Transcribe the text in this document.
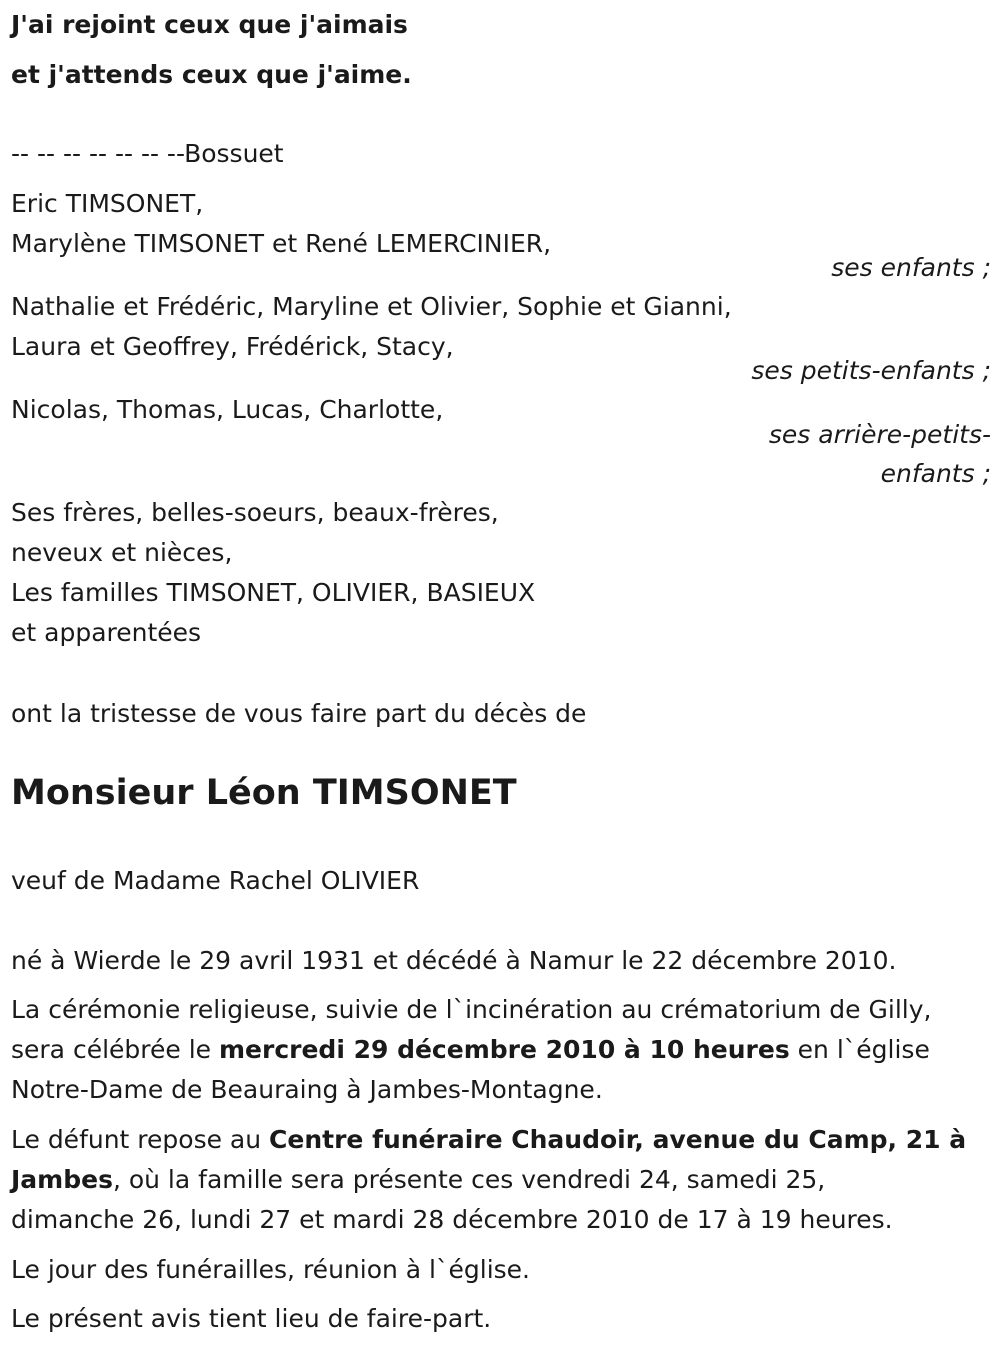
J'ai rejoint ceux que j'aimais

et j'attends ceux que j'aime.

-- -- -- -- -- -- --Bossuet

Eric TIMSONET,

Marylène TIMSONET et René LEMERCINIER,

ses enfants ;

Nathalie et Frédéric, Maryline et Olivier, Sophie et Gianni,

Laura et Geoffrey, Frédérick, Stacy,

ses petits-enfants ;

Nicolas, Thomas, Lucas, Charlotte,

ses arrière-petits-
enfants ;

Ses frères, belles-soeurs, beaux-frères,

neveux et nièces,

Les familles TIMSONET, OLIVIER, BASIEUX

et apparentées

ont la tristesse de vous faire part du décès de

Monsieur Léon TIMSONET

veuf de Madame Rachel OLIVIER

né à Wierde le 29 avril 1931 et décédé à Namur le 22 décembre 2010.

La cérémonie religieuse, suivie de l`incinération au crématorium de Gilly,

sera célébrée le mercredi 29 décembre 2010 à 10 heures en l`église

Notre-Dame de Beauraing à Jambes-Montagne.

Le défunt repose au Centre funéraire Chaudoir, avenue du Camp, 21 à

Jambes, où la famille sera présente ces vendredi 24, samedi 25,

dimanche 26, lundi 27 et mardi 28 décembre 2010 de 17 à 19 heures.

Le jour des funérailles, réunion à l`église.

Le présent avis tient lieu de faire-part.
